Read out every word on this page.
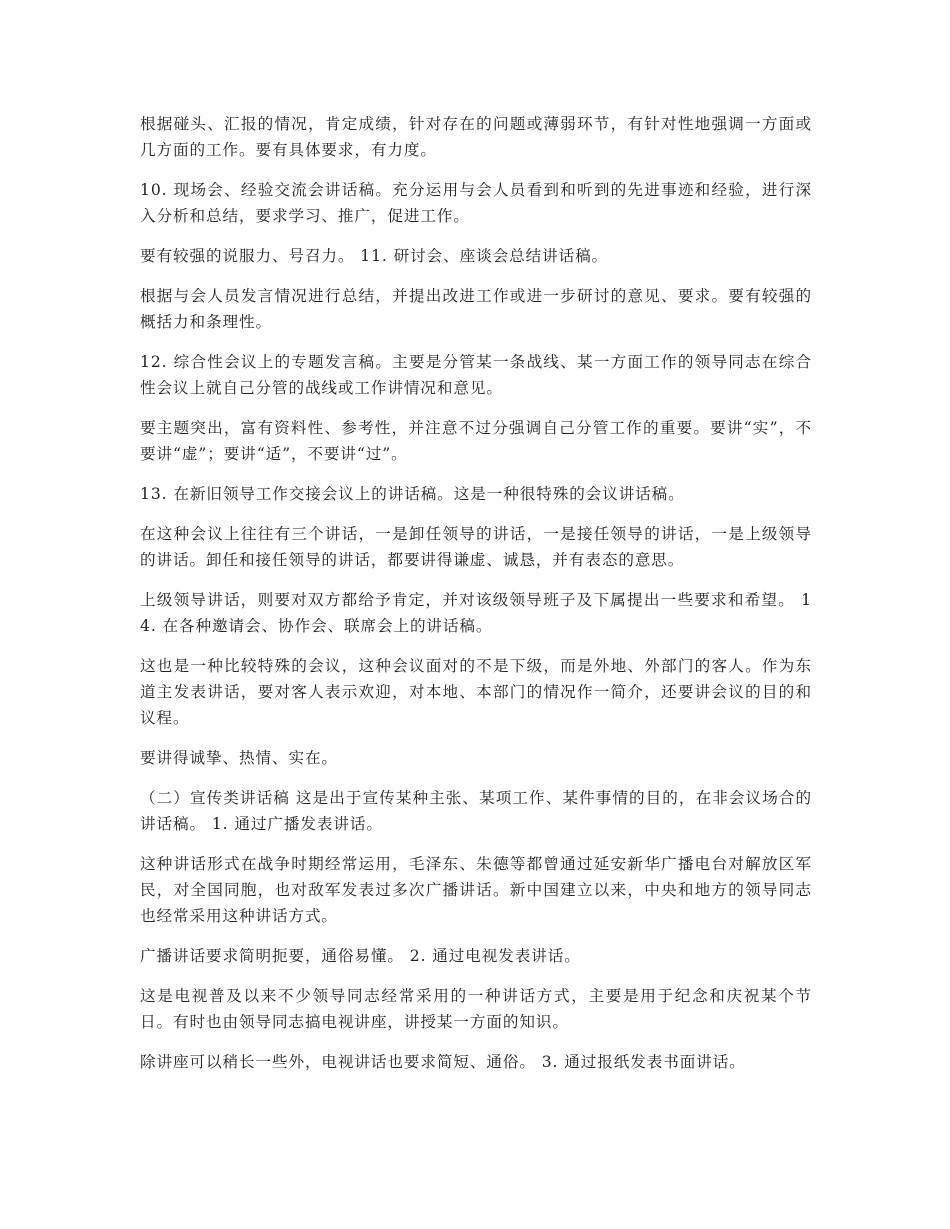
根据碰头、汇报的情况，肯定成绩，针对存在的问题或薄弱环节，有针对性地强调一方面或几方面的工作。要有具体要求，有力度。

10. 现场会、经验交流会讲话稿。充分运用与会人员看到和听到的先进事迹和经验，进行深入分析和总结，要求学习、推广，促进工作。

要有较强的说服力、号召力。 11. 研讨会、座谈会总结讲话稿。

根据与会人员发言情况进行总结，并提出改进工作或进一步研讨的意见、要求。要有较强的概括力和条理性。

12. 综合性会议上的专题发言稿。主要是分管某一条战线、某一方面工作的领导同志在综合性会议上就自己分管的战线或工作讲情况和意见。

要主题突出，富有资料性、参考性，并注意不过分强调自己分管工作的重要。要讲“实”，不要讲“虚”；要讲“适”，不要讲“过”。

13. 在新旧领导工作交接会议上的讲话稿。这是一种很特殊的会议讲话稿。

在这种会议上往往有三个讲话，一是卸任领导的讲话，一是接任领导的讲话，一是上级领导的讲话。卸任和接任领导的讲话，都要讲得谦虚、诚恳，并有表态的意思。

上级领导讲话，则要对双方都给予肯定，并对该级领导班子及下属提出一些要求和希望。 14. 在各种邀请会、协作会、联席会上的讲话稿。

这也是一种比较特殊的会议，这种会议面对的不是下级，而是外地、外部门的客人。作为东道主发表讲话，要对客人表示欢迎，对本地、本部门的情况作一简介，还要讲会议的目的和议程。

要讲得诚挚、热情、实在。

（二）宣传类讲话稿 这是出于宣传某种主张、某项工作、某件事情的目的，在非会议场合的讲话稿。 1. 通过广播发表讲话。

这种讲话形式在战争时期经常运用，毛泽东、朱德等都曾通过延安新华广播电台对解放区军民，对全国同胞，也对敌军发表过多次广播讲话。新中国建立以来，中央和地方的领导同志也经常采用这种讲话方式。

广播讲话要求简明扼要，通俗易懂。 2. 通过电视发表讲话。

这是电视普及以来不少领导同志经常采用的一种讲话方式，主要是用于纪念和庆祝某个节日。有时也由领导同志搞电视讲座，讲授某一方面的知识。

除讲座可以稍长一些外，电视讲话也要求简短、通俗。 3. 通过报纸发表书面讲话。
